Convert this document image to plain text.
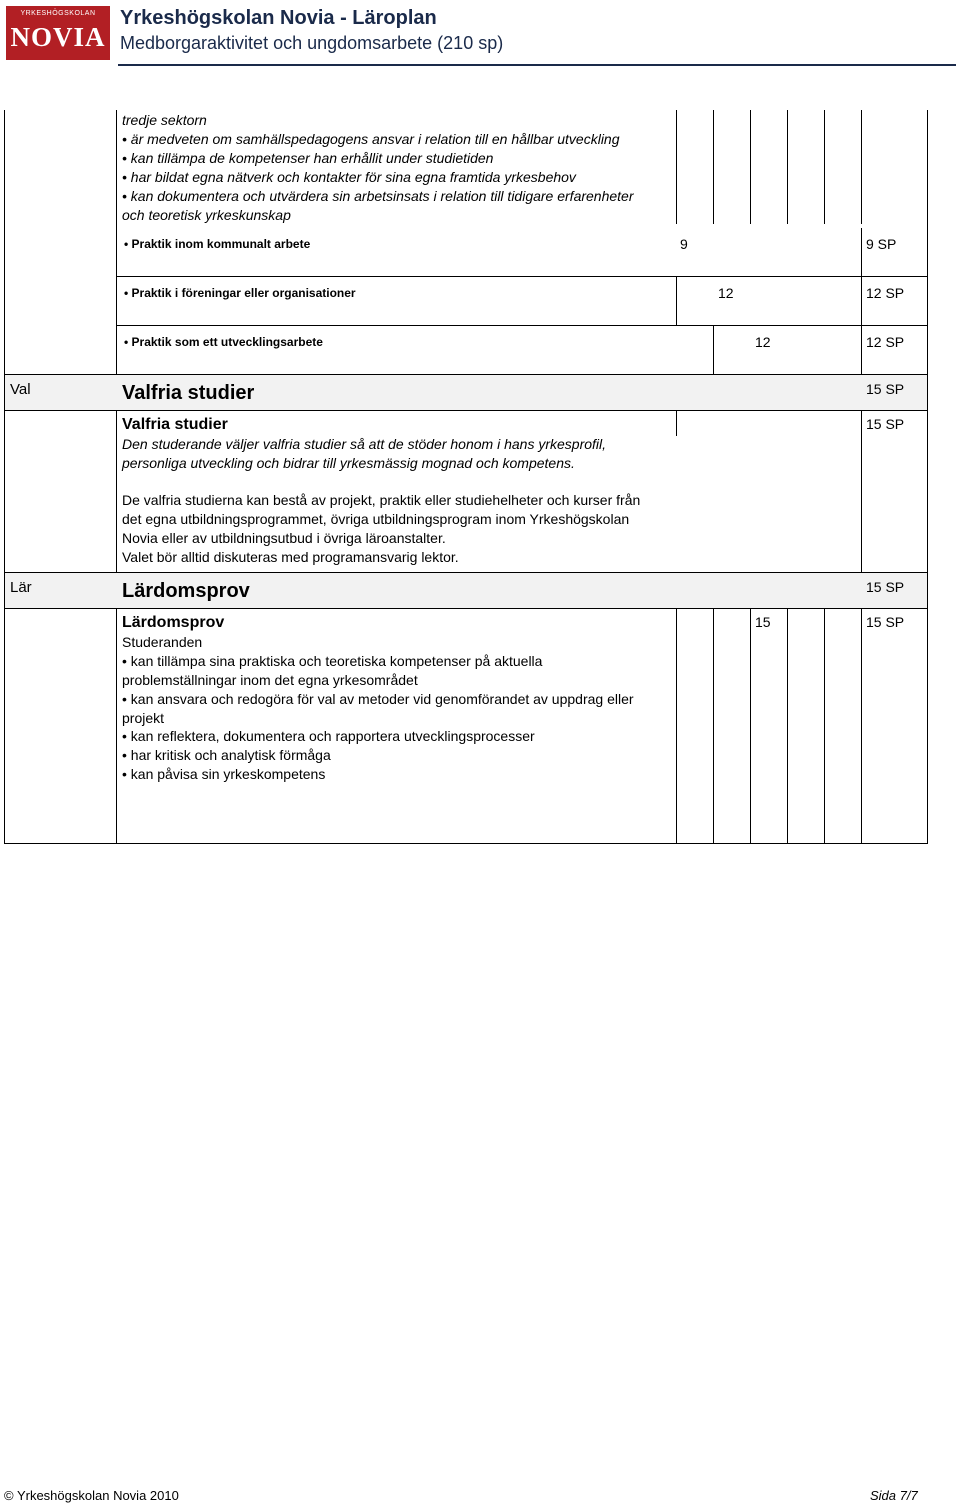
YRKESHÖGSKOLAN
NOVIA
Yrkeshögskolan Novia - Läroplan
Medborgaraktivitet och ungdomsarbete (210 sp)
tredje sektorn
• är medveten om samhällspedagogens ansvar i relation till en hållbar utveckling
• kan tillämpa de kompetenser han erhållit under studietiden
• har bildat egna nätverk och kontakter för sina egna framtida yrkesbehov
• kan dokumentera och utvärdera sin arbetsinsats i relation till tidigare erfarenheter
och teoretisk yrkeskunskap
• Praktik inom kommunalt arbete	9	9 SP
• Praktik i föreningar eller organisationer	12	12 SP
• Praktik som ett utvecklingsarbete	12	12 SP
Val	Valfria studier	15 SP
Valfria studier	15 SP
Den studerande väljer valfria studier så att de stöder honom i hans yrkesprofil,
personliga utveckling och bidrar till yrkesmässig mognad och kompetens.
De valfria studierna kan bestå av projekt, praktik eller studiehelheter och kurser från
det egna utbildningsprogrammet, övriga utbildningsprogram inom Yrkeshögskolan
Novia eller av utbildningsutbud i övriga läroanstalter.
Valet bör alltid diskuteras med programansvarig lektor.
Lär	Lärdomsprov	15 SP
Lärdomsprov	15	15 SP
Studeranden
• kan tillämpa sina praktiska och teoretiska kompetenser på aktuella
problemställningar inom det egna yrkesområdet
• kan ansvara och redogöra för val av metoder vid genomförandet av uppdrag eller
projekt
• kan reflektera, dokumentera och rapportera utvecklingsprocesser
• har kritisk och analytisk förmåga
• kan påvisa sin yrkeskompetens
© Yrkeshögskolan Novia 2010	Sida 7/7
